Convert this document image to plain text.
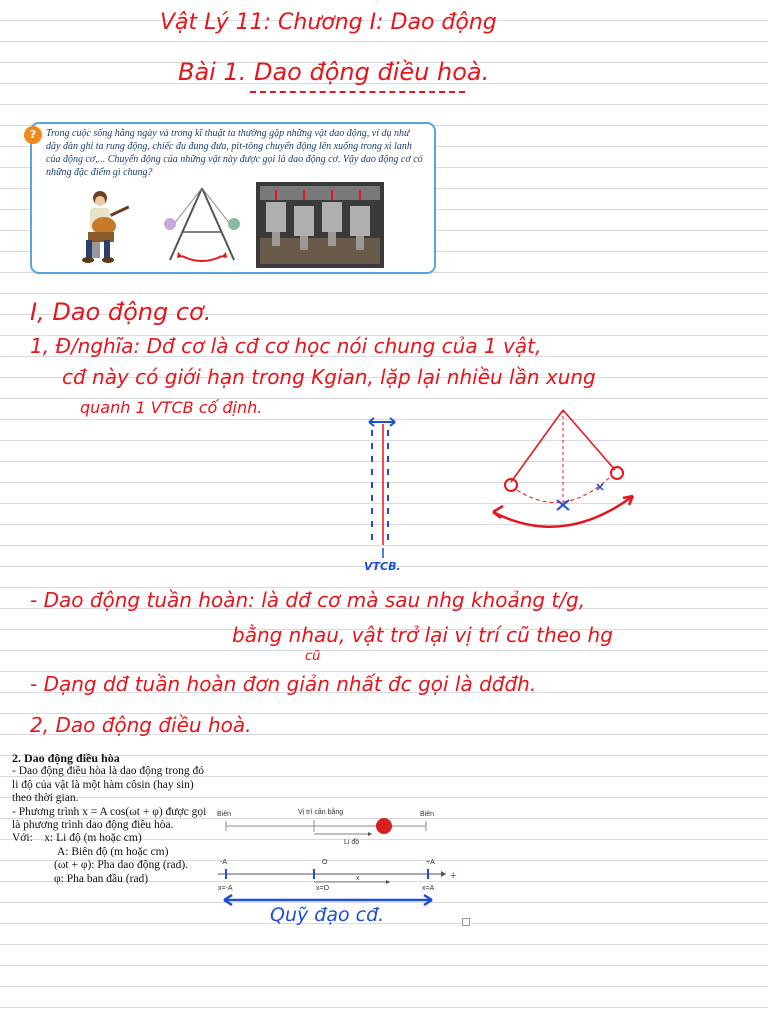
Vật Lý 11: Chương I: Dao động
Bài 1. Dao động điều hoà.
? Trong cuộc sống hằng ngày và trong kĩ thuật ta thường gặp những vật dao động, ví dụ như dây đàn ghi ta rung động, chiếc đu đung đưa, pit-tông chuyển động lên xuống trong xi lanh của động cơ,... Chuyển động của những vật này được gọi là dao động cơ. Vậy dao động cơ có những đặc điểm gì chung?
I, Dao động cơ.
1, Đ/nghĩa: Dđ cơ là cđ cơ học nói chung của 1 vật,
cđ này có giới hạn trong Kgian, lặp lại nhiều lần xung
quanh 1 VTCB cố định.
VTCB.
- Dao động tuần hoàn: là dđ cơ mà sau nhg khoảng t/g,
bằng nhau, vật trở lại vị trí cũ theo hg
cũ
- Dạng dđ tuần hoàn đơn giản nhất đc gọi là dđđh.
2, Dao động điều hoà.

2. Dao động điều hòa

- Dao động điều hòa là dao động trong đó li độ của vật là một hàm côsin (hay sin) theo thời gian.

- Phương trình x = A cos(ωt + φ) được gọi là phương trình dao động điều hòa.

Với: x: Li độ (m hoặc cm)

A: Biên độ (m hoặc cm)

(ωt + φ): Pha dao động (rad).

φ: Pha ban đầu (rad)

Biên	Vị trí cân bằng	Biên
Li độ
-A	O	+A
+
x=-A	x=O
x
x=A
Quỹ đạo cđ.
